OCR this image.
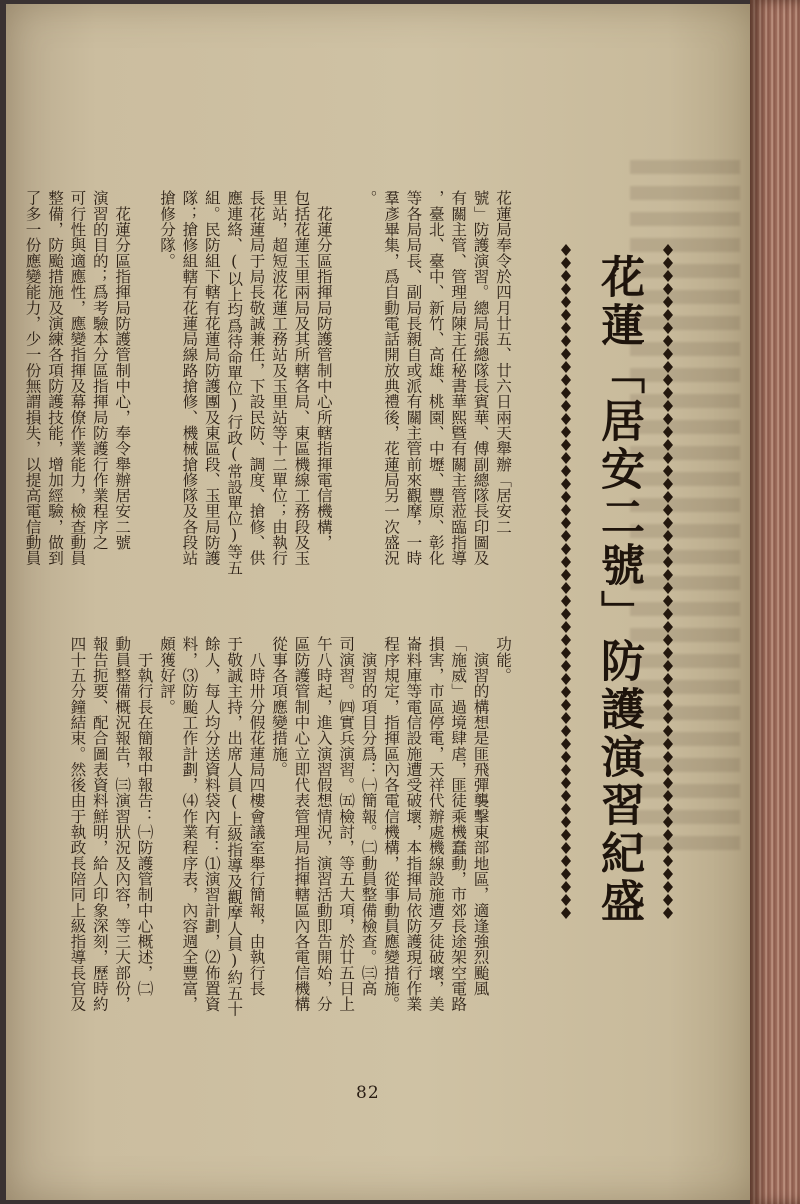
花蓮局奉令於四月廿五、廿六日兩天舉辦「居安二
號」防護演習。總局張總隊長賓華、傅副總隊長印圖及
有關主管、管理局陳主任秘書華熙曁有關主管蒞臨指導
，臺北、臺中、新竹、高雄、桃園、中壢、豐原、彰化
等各局局長、副局長親自或派有關主管前來觀摩，一時
羣彥畢集，爲自動電話開放典禮後，花蓮局另一次盛況
。
　花蓮分區指揮局防護管制中心所轄指揮電信機構，
包括花蓮玉里兩局及其所轄各局、東區機線工務段及玉
里站，超短波花蓮工務站及玉里站等十二單位；由執行
長花蓮局于局長敬誠兼任，下設民防、調度、搶修、供
應連絡、(以上均爲待命單位)行政(常設單位)等五
組。民防組下轄有花蓮局防護團及東區段、玉里局防護
隊；搶修組轄有花蓮局線路搶修、機械搶修隊及各段站
搶修分隊。
　花蓮分區指揮局防護管制中心，奉令舉辦居安二號
演習的目的；爲考驗本分區指揮局防護行作業程序之
可行性與適應性，應變指揮及幕僚作業能力，檢查動員
整備，防颱措施及演練各項防護技能，增加經驗，做到
了多一份應變能力，少一份無謂損失，以提高電信動員
功能。
　演習的構想是匪飛彈襲擊東部地區，適逢強烈颱風
「施威」過境肆虐，匪徒乘機蠢動，市郊長途架空電路
損害，市區停電，天祥代辦處機線設施遭歹徒破壞，美
崙料庫等電信設施遭受破壞，本指揮局依防護現行作業
程序規定，指揮區內各電信機構，從事動員應變措施。
　演習的項目分爲：㈠簡報。㈡動員整備檢查。㈢高
司演習。㈣實兵演習。㈤檢討，等五大項，於廿五日上
午八時起，進入演習假想情況，演習活動即告開始，分
區防護管制中心立即代表管理局指揮轄區內各電信機構
從事各項應變措施。
　八時卅分假花蓮局四樓會議室舉行簡報，由執行長
于敬誠主持，出席人員(上級指導及觀摩人員)約五十
餘人，每人均分送資料袋內有：⑴演習計劃，⑵佈置資
料，⑶防颱工作計劃，⑷作業程序表，內容週全豐富，
頗獲好評。
　于執行長在簡報中報告：㈠防護管制中心概述，㈡
動員整備概況報告，㈢演習狀況及內容，等三大部份，
報告扼要、配合圖表資料鮮明，給人印象深刻，歷時約
四十五分鐘結束。然後由于執政長陪同上級指導長官及	花蓮「居安二號」防護演習紀盛
82
